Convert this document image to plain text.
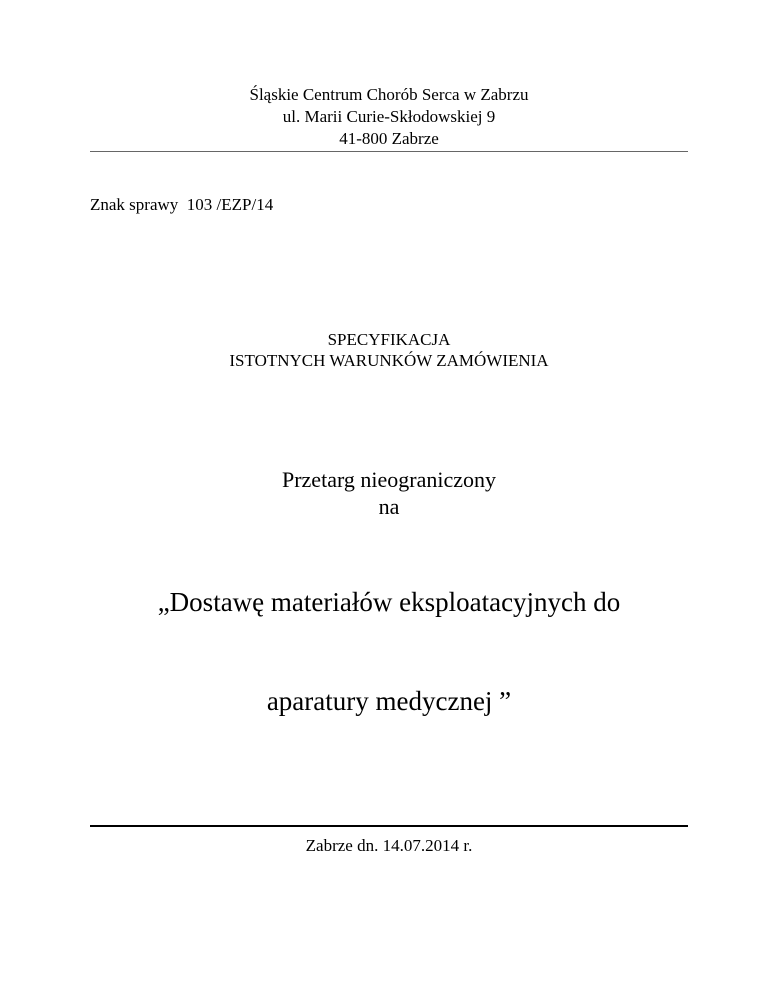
Śląskie Centrum Chorób Serca w Zabrzu
ul. Marii Curie-Skłodowskiej 9
41-800 Zabrze
Znak sprawy  103 /EZP/14
SPECYFIKACJA
ISTOTNYCH WARUNKÓW ZAMÓWIENIA
Przetarg nieograniczony
na

„Dostawę materiałów eksploatacyjnych do

aparatury medycznej ”

Zabrze dn. 14.07.2014 r.
